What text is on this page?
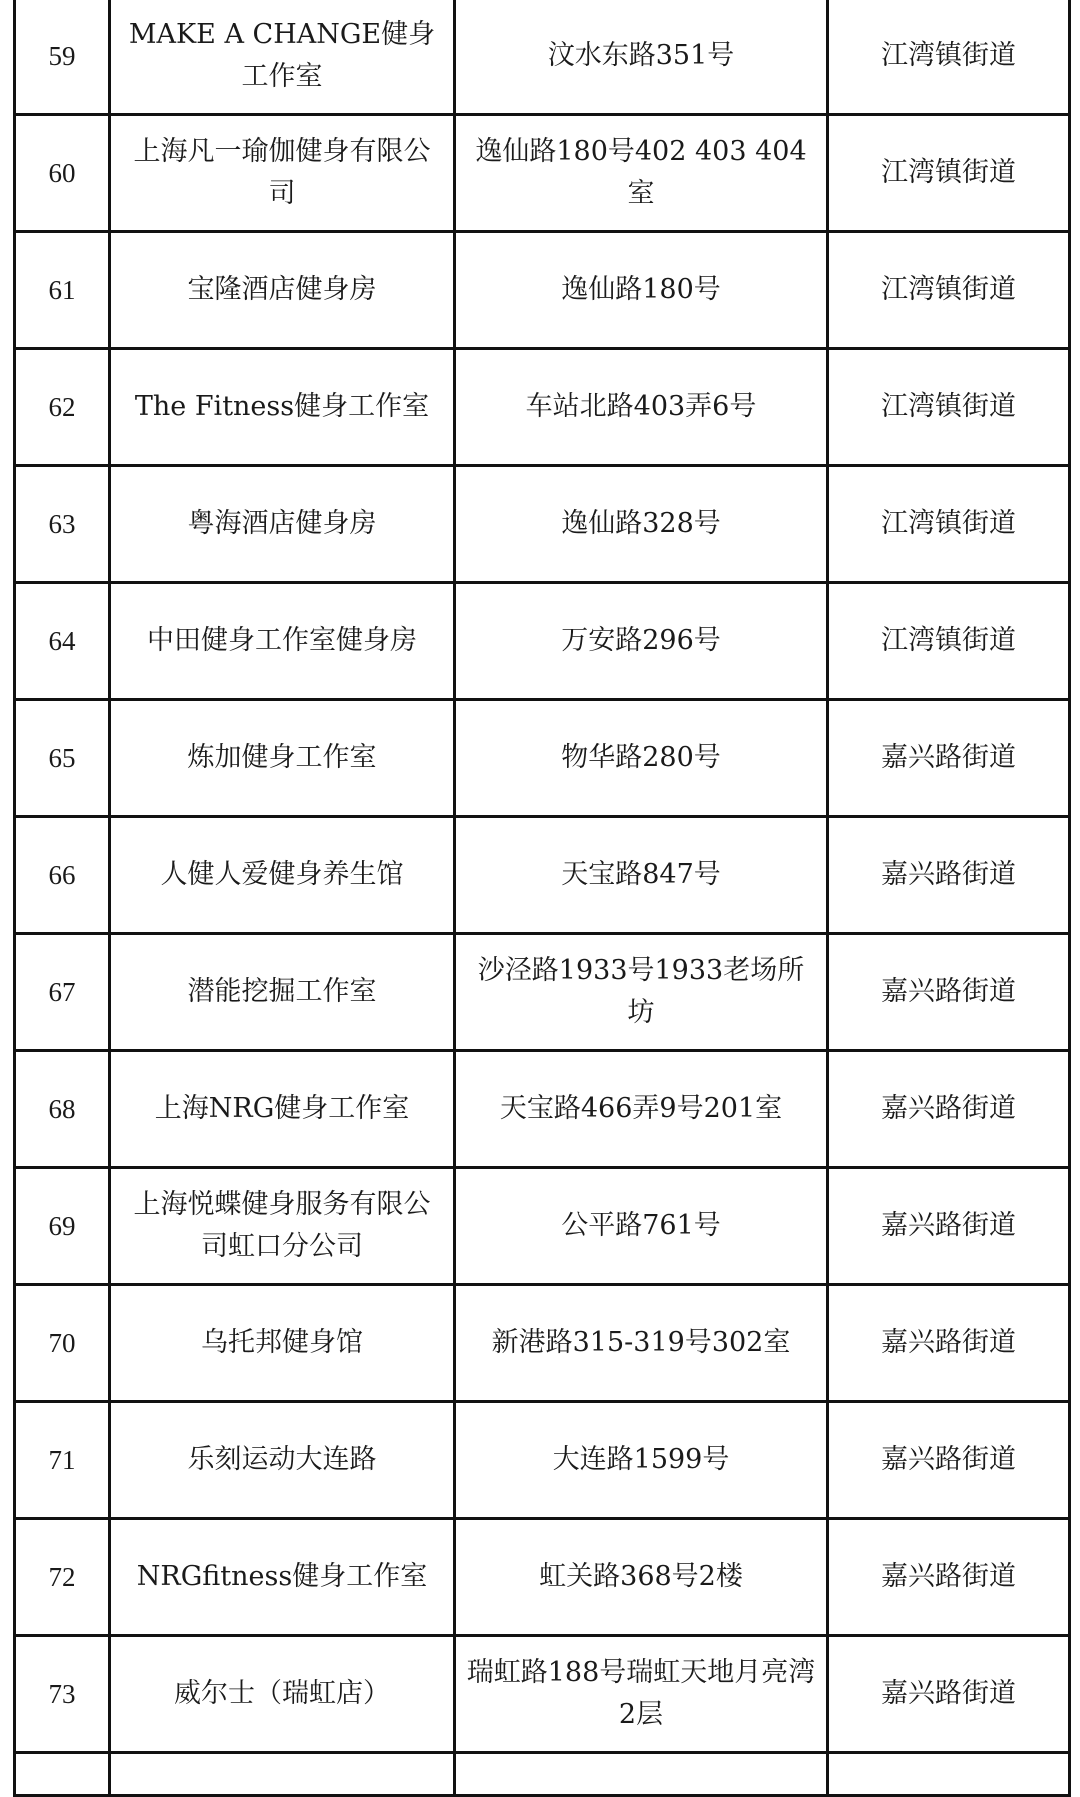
59	MAKE A CHANGE健身工作室	汶水东路351号	江湾镇街道
60	上海凡一瑜伽健身有限公司	逸仙路180号402 403 404室	江湾镇街道
61	宝隆酒店健身房	逸仙路180号	江湾镇街道
62	The Fitness健身工作室	车站北路403弄6号	江湾镇街道
63	粤海酒店健身房	逸仙路328号	江湾镇街道
64	中田健身工作室健身房	万安路296号	江湾镇街道
65	炼加健身工作室	物华路280号	嘉兴路街道
66	人健人爱健身养生馆	天宝路847号	嘉兴路街道
67	潜能挖掘工作室	沙泾路1933号1933老场所坊	嘉兴路街道
68	上海NRG健身工作室	天宝路466弄9号201室	嘉兴路街道
69	上海悦蝶健身服务有限公司虹口分公司	公平路761号	嘉兴路街道
70	乌托邦健身馆	新港路315-319号302室	嘉兴路街道
71	乐刻运动大连路	大连路1599号	嘉兴路街道
72	NRGfitness健身工作室	虹关路368号2楼	嘉兴路街道
73	威尔士（瑞虹店）	瑞虹路188号瑞虹天地月亮湾2层	嘉兴路街道
